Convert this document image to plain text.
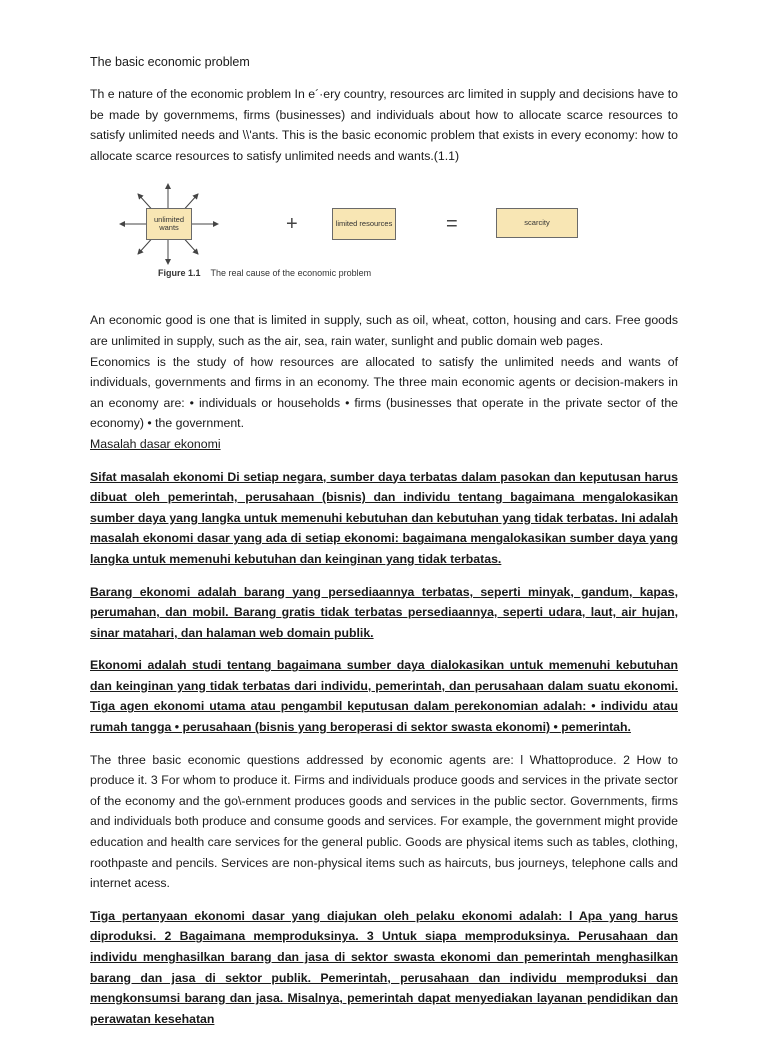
The basic economic problem

Th e nature of the economic problem In e´·ery country, resources arc limited in supply and decisions have to be made by governmems, firms (businesses) and individuals about how to allocate scarce resources to satisfy unlimited needs and \\'ants. This is the basic economic problem that exists in every economy: how to allocate scarce resources to satisfy unlimited needs and wants.(1.1)

unlimited wants	+	limited resources	=	scarcity
Figure 1.1 The real cause of the economic problem

An economic good is one that is limited in supply, such as oil, wheat, cotton, housing and cars. Free goods are unlimited in supply, such as the air, sea, rain water, sunlight and public domain web pages.

Economics is the study of how resources are allocated to satisfy the unlimited needs and wants of individuals, governments and firms in an economy. The three main economic agents or decision-makers in an economy are: • individuals or households • firms (businesses that operate in the private sector of the economy) • the government.

Masalah dasar ekonomi

Sifat masalah ekonomi Di setiap negara, sumber daya terbatas dalam pasokan dan keputusan harus dibuat oleh pemerintah, perusahaan (bisnis) dan individu tentang bagaimana mengalokasikan sumber daya yang langka untuk memenuhi kebutuhan dan kebutuhan yang tidak terbatas. Ini adalah masalah ekonomi dasar yang ada di setiap ekonomi: bagaimana mengalokasikan sumber daya yang langka untuk memenuhi kebutuhan dan keinginan yang tidak terbatas.

Barang ekonomi adalah barang yang persediaannya terbatas, seperti minyak, gandum, kapas, perumahan, dan mobil. Barang gratis tidak terbatas persediaannya, seperti udara, laut, air hujan, sinar matahari, dan halaman web domain publik.

Ekonomi adalah studi tentang bagaimana sumber daya dialokasikan untuk memenuhi kebutuhan dan keinginan yang tidak terbatas dari individu, pemerintah, dan perusahaan dalam suatu ekonomi. Tiga agen ekonomi utama atau pengambil keputusan dalam perekonomian adalah: • individu atau rumah tangga • perusahaan (bisnis yang beroperasi di sektor swasta ekonomi) • pemerintah.

The three basic economic questions addressed by economic agents are: l Whattoproduce. 2 How to produce it. 3 For whom to produce it. Firms and individuals produce goods and services in the private sector of the economy and the go\-ernment produces goods and services in the public sector. Governments, firms and individuals both produce and consume goods and services. For example, the government might provide education and health care services for the general public. Goods are physical items such as tables, clothing, roothpaste and pencils. Services are non-physical items such as haircuts, bus journeys, telephone calls and internet acess.

Tiga pertanyaan ekonomi dasar yang diajukan oleh pelaku ekonomi adalah: l Apa yang harus diproduksi. 2 Bagaimana memproduksinya. 3 Untuk siapa memproduksinya. Perusahaan dan individu menghasilkan barang dan jasa di sektor swasta ekonomi dan pemerintah menghasilkan barang dan jasa di sektor publik. Pemerintah, perusahaan dan individu memproduksi dan mengkonsumsi barang dan jasa. Misalnya, pemerintah dapat menyediakan layanan pendidikan dan perawatan kesehatan
